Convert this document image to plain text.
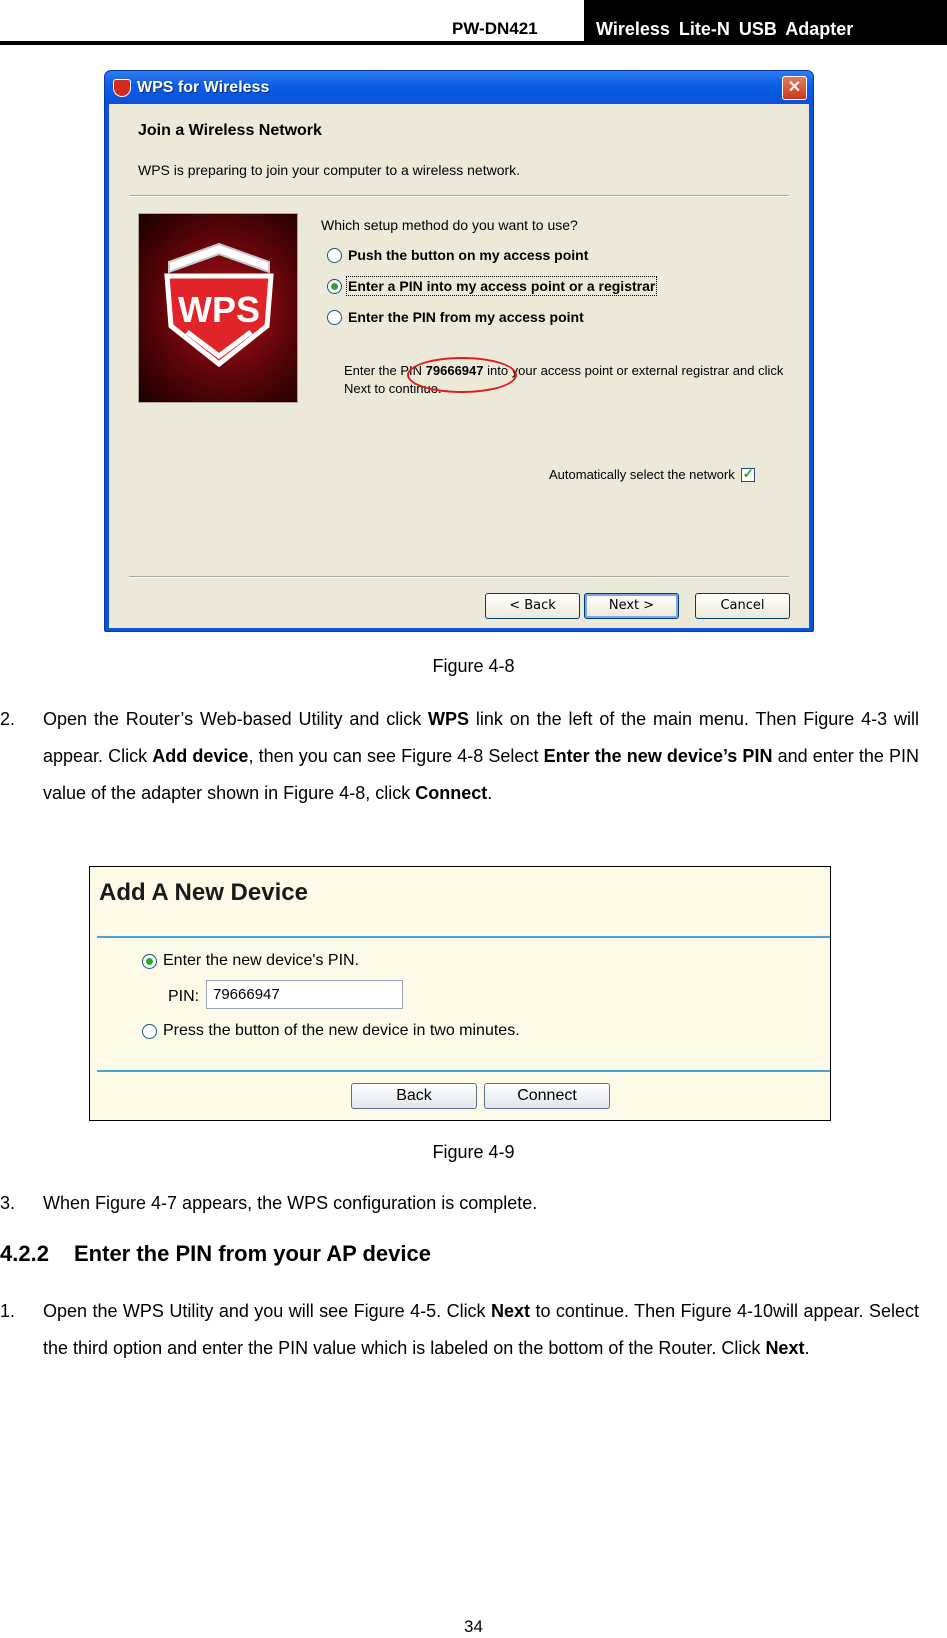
PW-DN421	Wireless Lite-N USB Adapter
WPS for Wireless	✕
Join a Wireless Network
WPS is preparing to join your computer to a wireless network.
WPS
Which setup method do you want to use?
Push the button on my access point
Enter a PIN into my access point or a registrar
Enter the PIN from my access point
Enter the PIN 79666947 into your access point or external registrar and click Next to continue.
Automatically select the network
✓
< Back	Next >	Cancel
Figure 4-8
2. Open the Router’s Web-based Utility and click WPS link on the left of the main menu. Then Figure 4-3 will appear. Click Add device, then you can see Figure 4-8 Select Enter the new device’s PIN and enter the PIN value of the adapter shown in Figure 4-8, click Connect.
Add A New Device
Enter the new device's PIN.
PIN: 79666947
Press the button of the new device in two minutes.
Back	Connect
Figure 4-9
3. When Figure 4-7 appears, the WPS configuration is complete.
4.2.2 Enter the PIN from your AP device
1. Open the WPS Utility and you will see Figure 4-5. Click Next to continue. Then Figure 4-10will appear. Select the third option and enter the PIN value which is labeled on the bottom of the Router. Click Next.
34
